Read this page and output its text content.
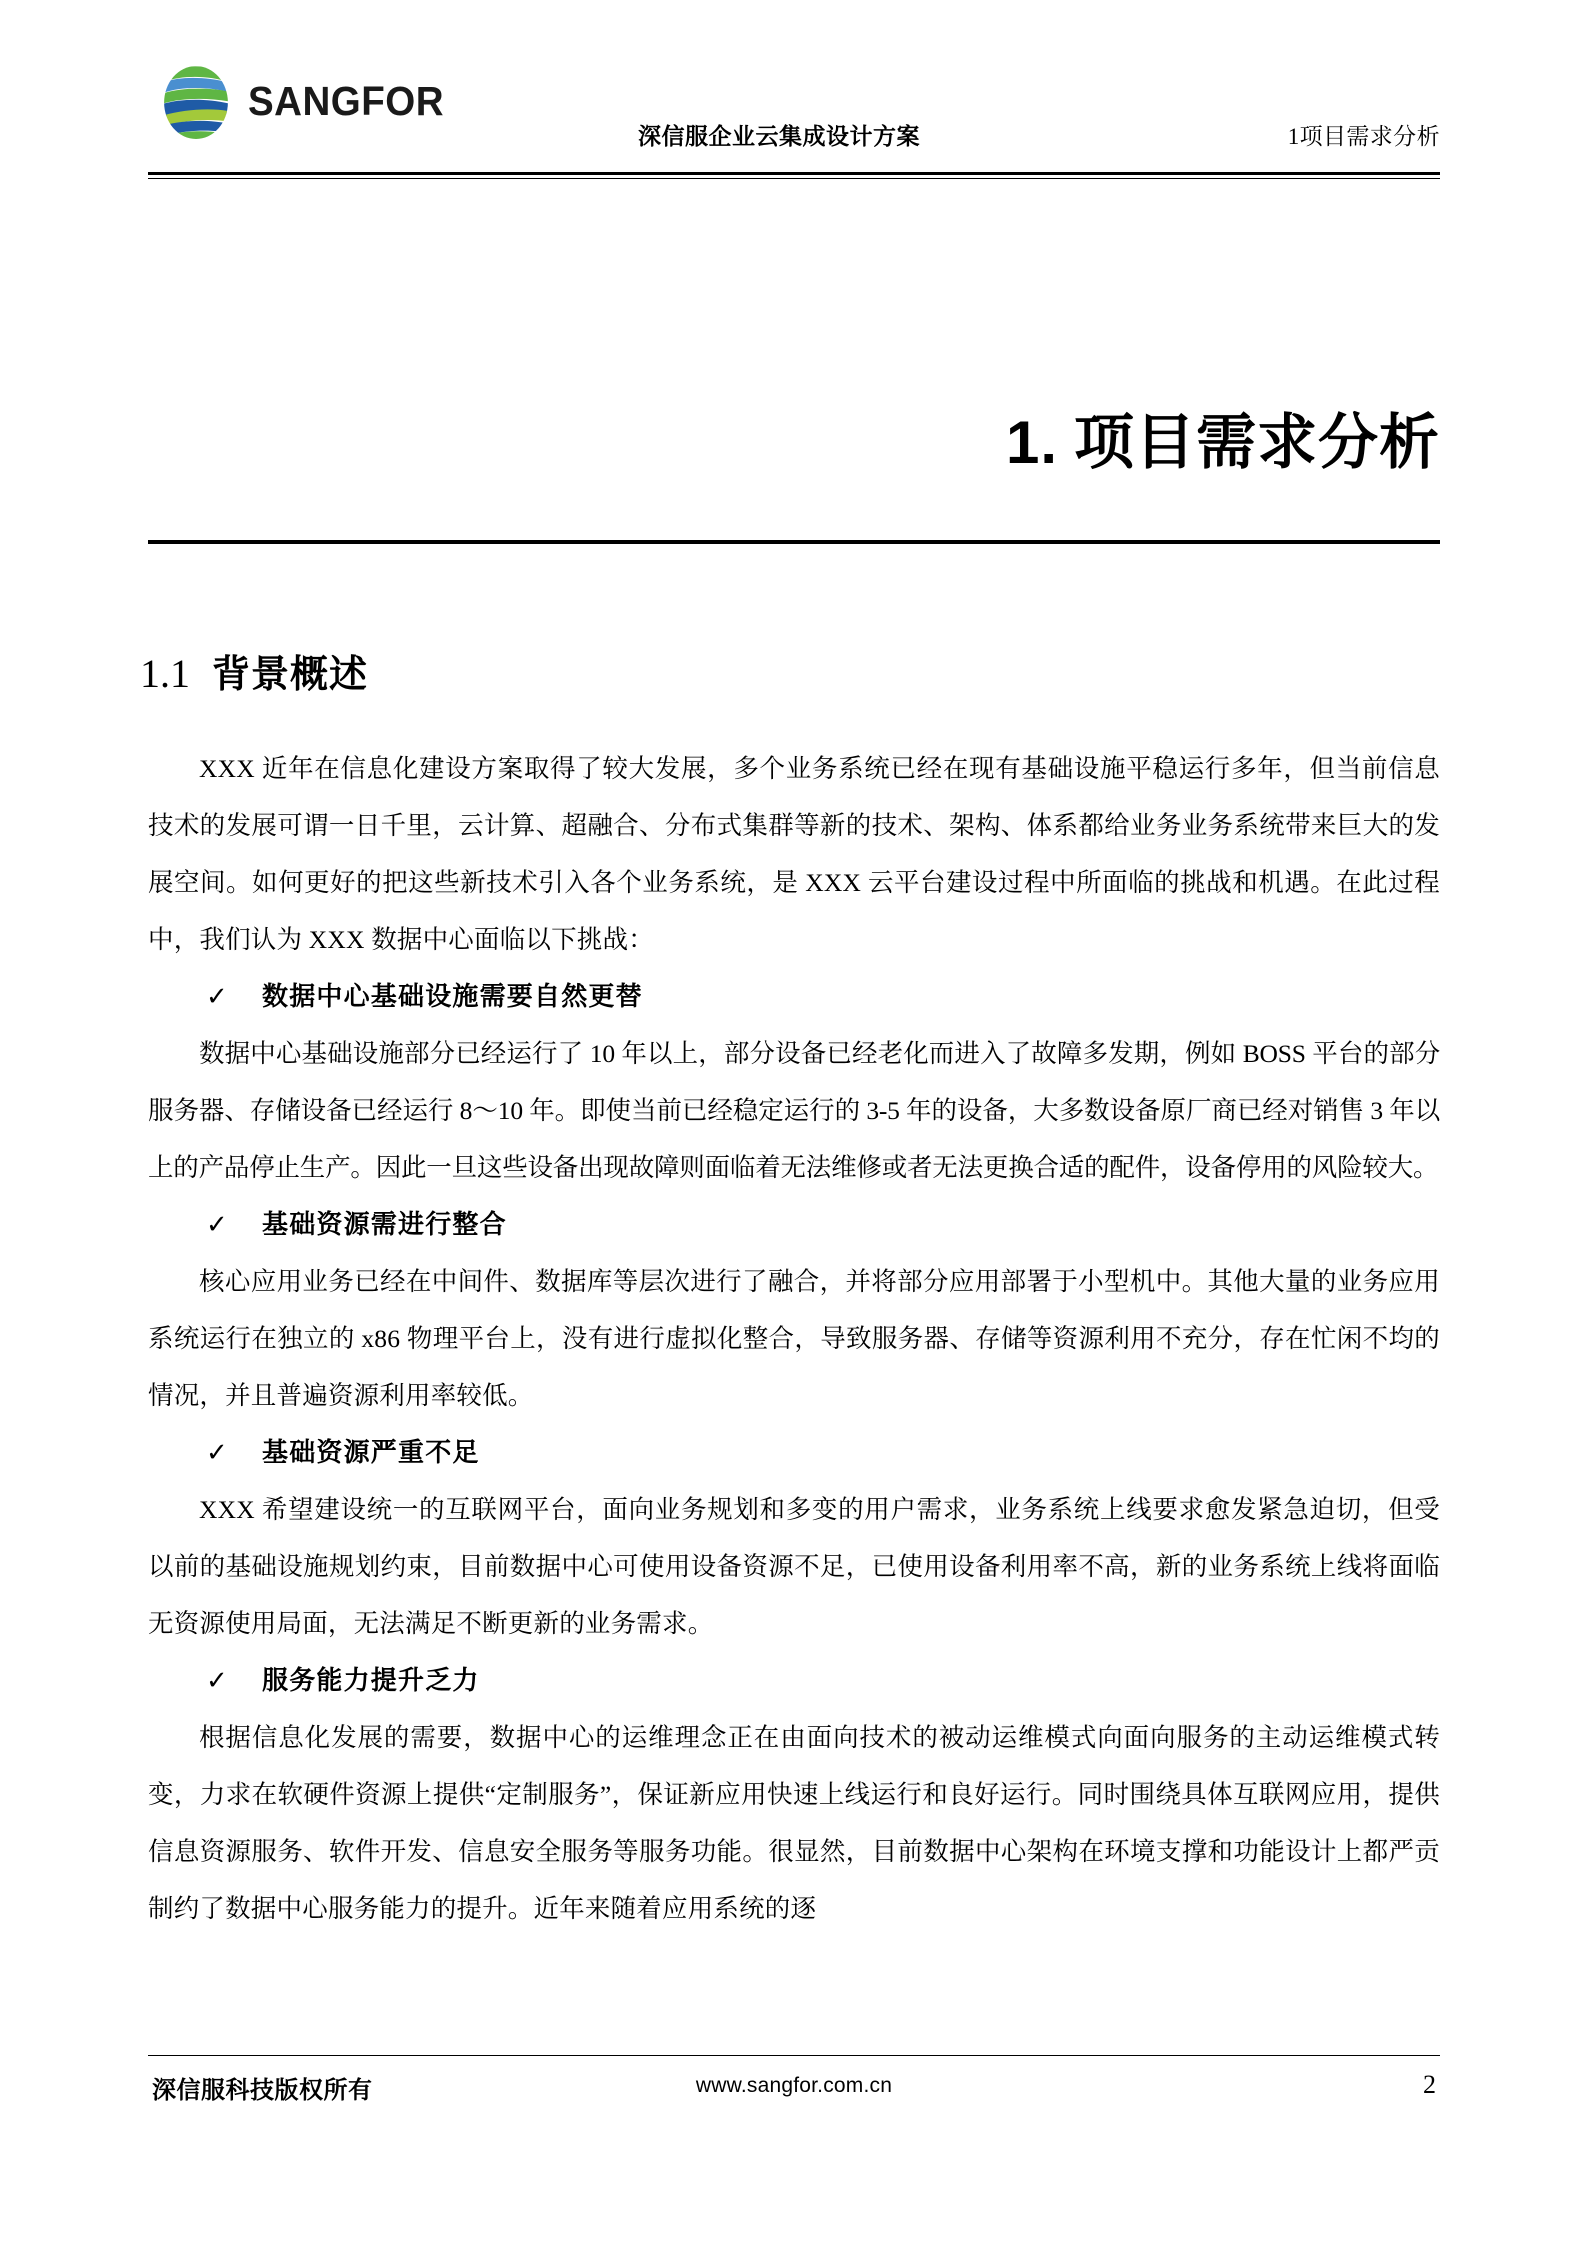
SANGFOR
深信服企业云集成设计方案	1项目需求分析
1. 项目需求分析
1.1 背景概述

XXX 近年在信息化建设方案取得了较大发展，多个业务系统已经在现有基础设施平稳运行多年，但当前信息技术的发展可谓一日千里，云计算、超融合、分布式集群等新的技术、架构、体系都给业务业务系统带来巨大的发展空间。如何更好的把这些新技术引入各个业务系统，是 XXX 云平台建设过程中所面临的挑战和机遇。在此过程中，我们认为 XXX 数据中心面临以下挑战：

✓	数据中心基础设施需要自然更替

数据中心基础设施部分已经运行了 10 年以上，部分设备已经老化而进入了故障多发期，例如 BOSS 平台的部分服务器、存储设备已经运行 8～10 年。即使当前已经稳定运行的 3-5 年的设备，大多数设备原厂商已经对销售 3 年以上的产品停止生产。因此一旦这些设备出现故障则面临着无法维修或者无法更换合适的配件，设备停用的风险较大。

✓	基础资源需进行整合

核心应用业务已经在中间件、数据库等层次进行了融合，并将部分应用部署于小型机中。其他大量的业务应用系统运行在独立的 x86 物理平台上，没有进行虚拟化整合，导致服务器、存储等资源利用不充分，存在忙闲不均的情况，并且普遍资源利用率较低。

✓	基础资源严重不足

XXX 希望建设统一的互联网平台，面向业务规划和多变的用户需求，业务系统上线要求愈发紧急迫切，但受以前的基础设施规划约束，目前数据中心可使用设备资源不足，已使用设备利用率不高，新的业务系统上线将面临无资源使用局面，无法满足不断更新的业务需求。

✓	服务能力提升乏力

根据信息化发展的需要，数据中心的运维理念正在由面向技术的被动运维模式向面向服务的主动运维模式转变，力求在软硬件资源上提供“定制服务”，保证新应用快速上线运行和良好运行。同时围绕具体互联网应用，提供信息资源服务、软件开发、信息安全服务等服务功能。很显然，目前数据中心架构在环境支撑和功能设计上都严贡制约了数据中心服务能力的提升。近年来随着应用系统的逐

深信服科技版权所有	www.sangfor.com.cn	2
